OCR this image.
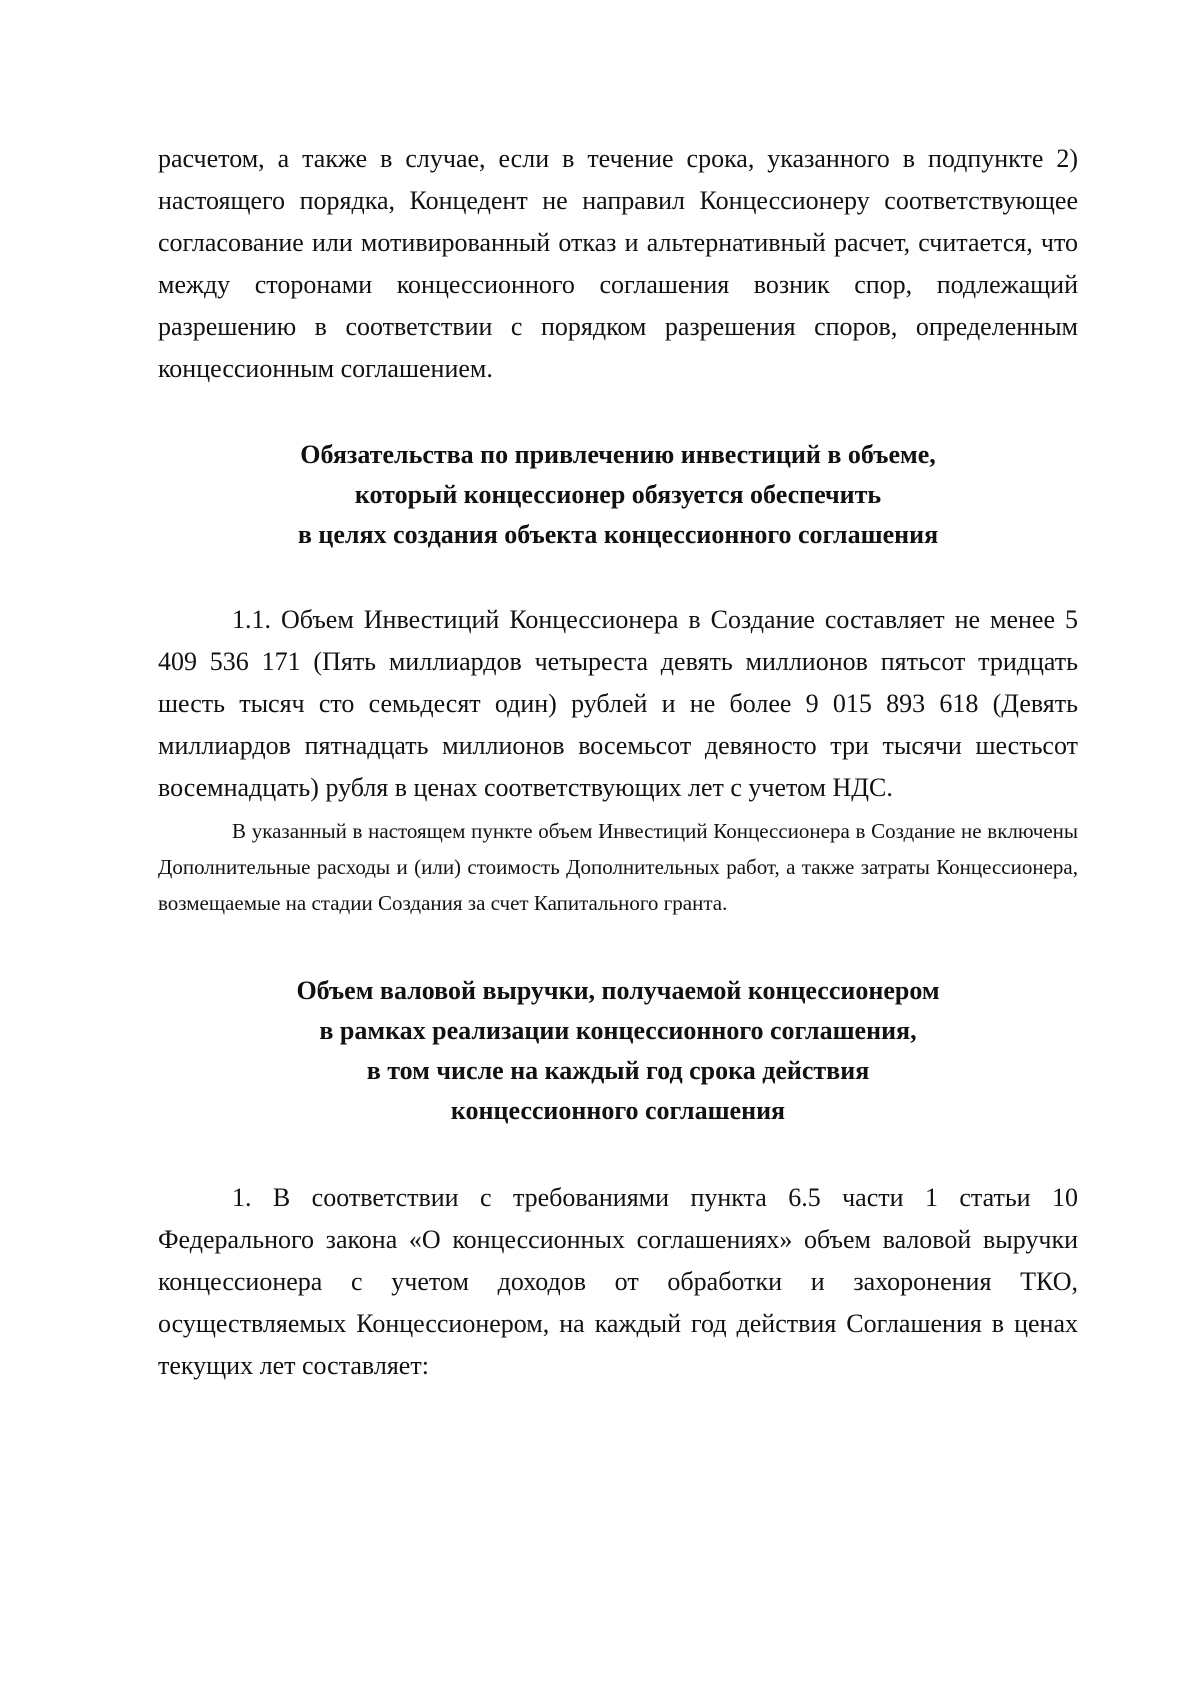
расчетом, а также в случае, если в течение срока, указанного в подпункте 2) настоящего порядка, Концедент не направил Концессионеру соответствующее согласование или мотивированный отказ и альтернативный расчет, считается, что между сторонами концессионного соглашения возник спор, подлежащий разрешению в соответствии с порядком разрешения споров, определенным концессионным соглашением.

Обязательства по привлечению инвестиций в объеме,
который концессионер обязуется обеспечить
в целях создания объекта концессионного соглашения

1.1. Объем Инвестиций Концессионера в Создание составляет не менее 5 409 536 171 (Пять миллиардов четыреста девять миллионов пятьсот тридцать шесть тысяч сто семьдесят один) рублей и не более 9 015 893 618 (Девять миллиардов пятнадцать миллионов восемьсот девяносто три тысячи шестьсот восемнадцать) рубля в ценах соответствующих лет с учетом НДС.

В указанный в настоящем пункте объем Инвестиций Концессионера в Создание не включены Дополнительные расходы и (или) стоимость Дополнительных работ, а также затраты Концессионера, возмещаемые на стадии Создания за счет Капитального гранта.

Объем валовой выручки, получаемой концессионером
в рамках реализации концессионного соглашения,
в том числе на каждый год срока действия
концессионного соглашения

1. В соответствии с требованиями пункта 6.5 части 1 статьи 10 Федерального закона «О концессионных соглашениях» объем валовой выручки концессионера с учетом доходов от обработки и захоронения ТКО, осуществляемых Концессионером, на каждый год действия Соглашения в ценах текущих лет составляет:
